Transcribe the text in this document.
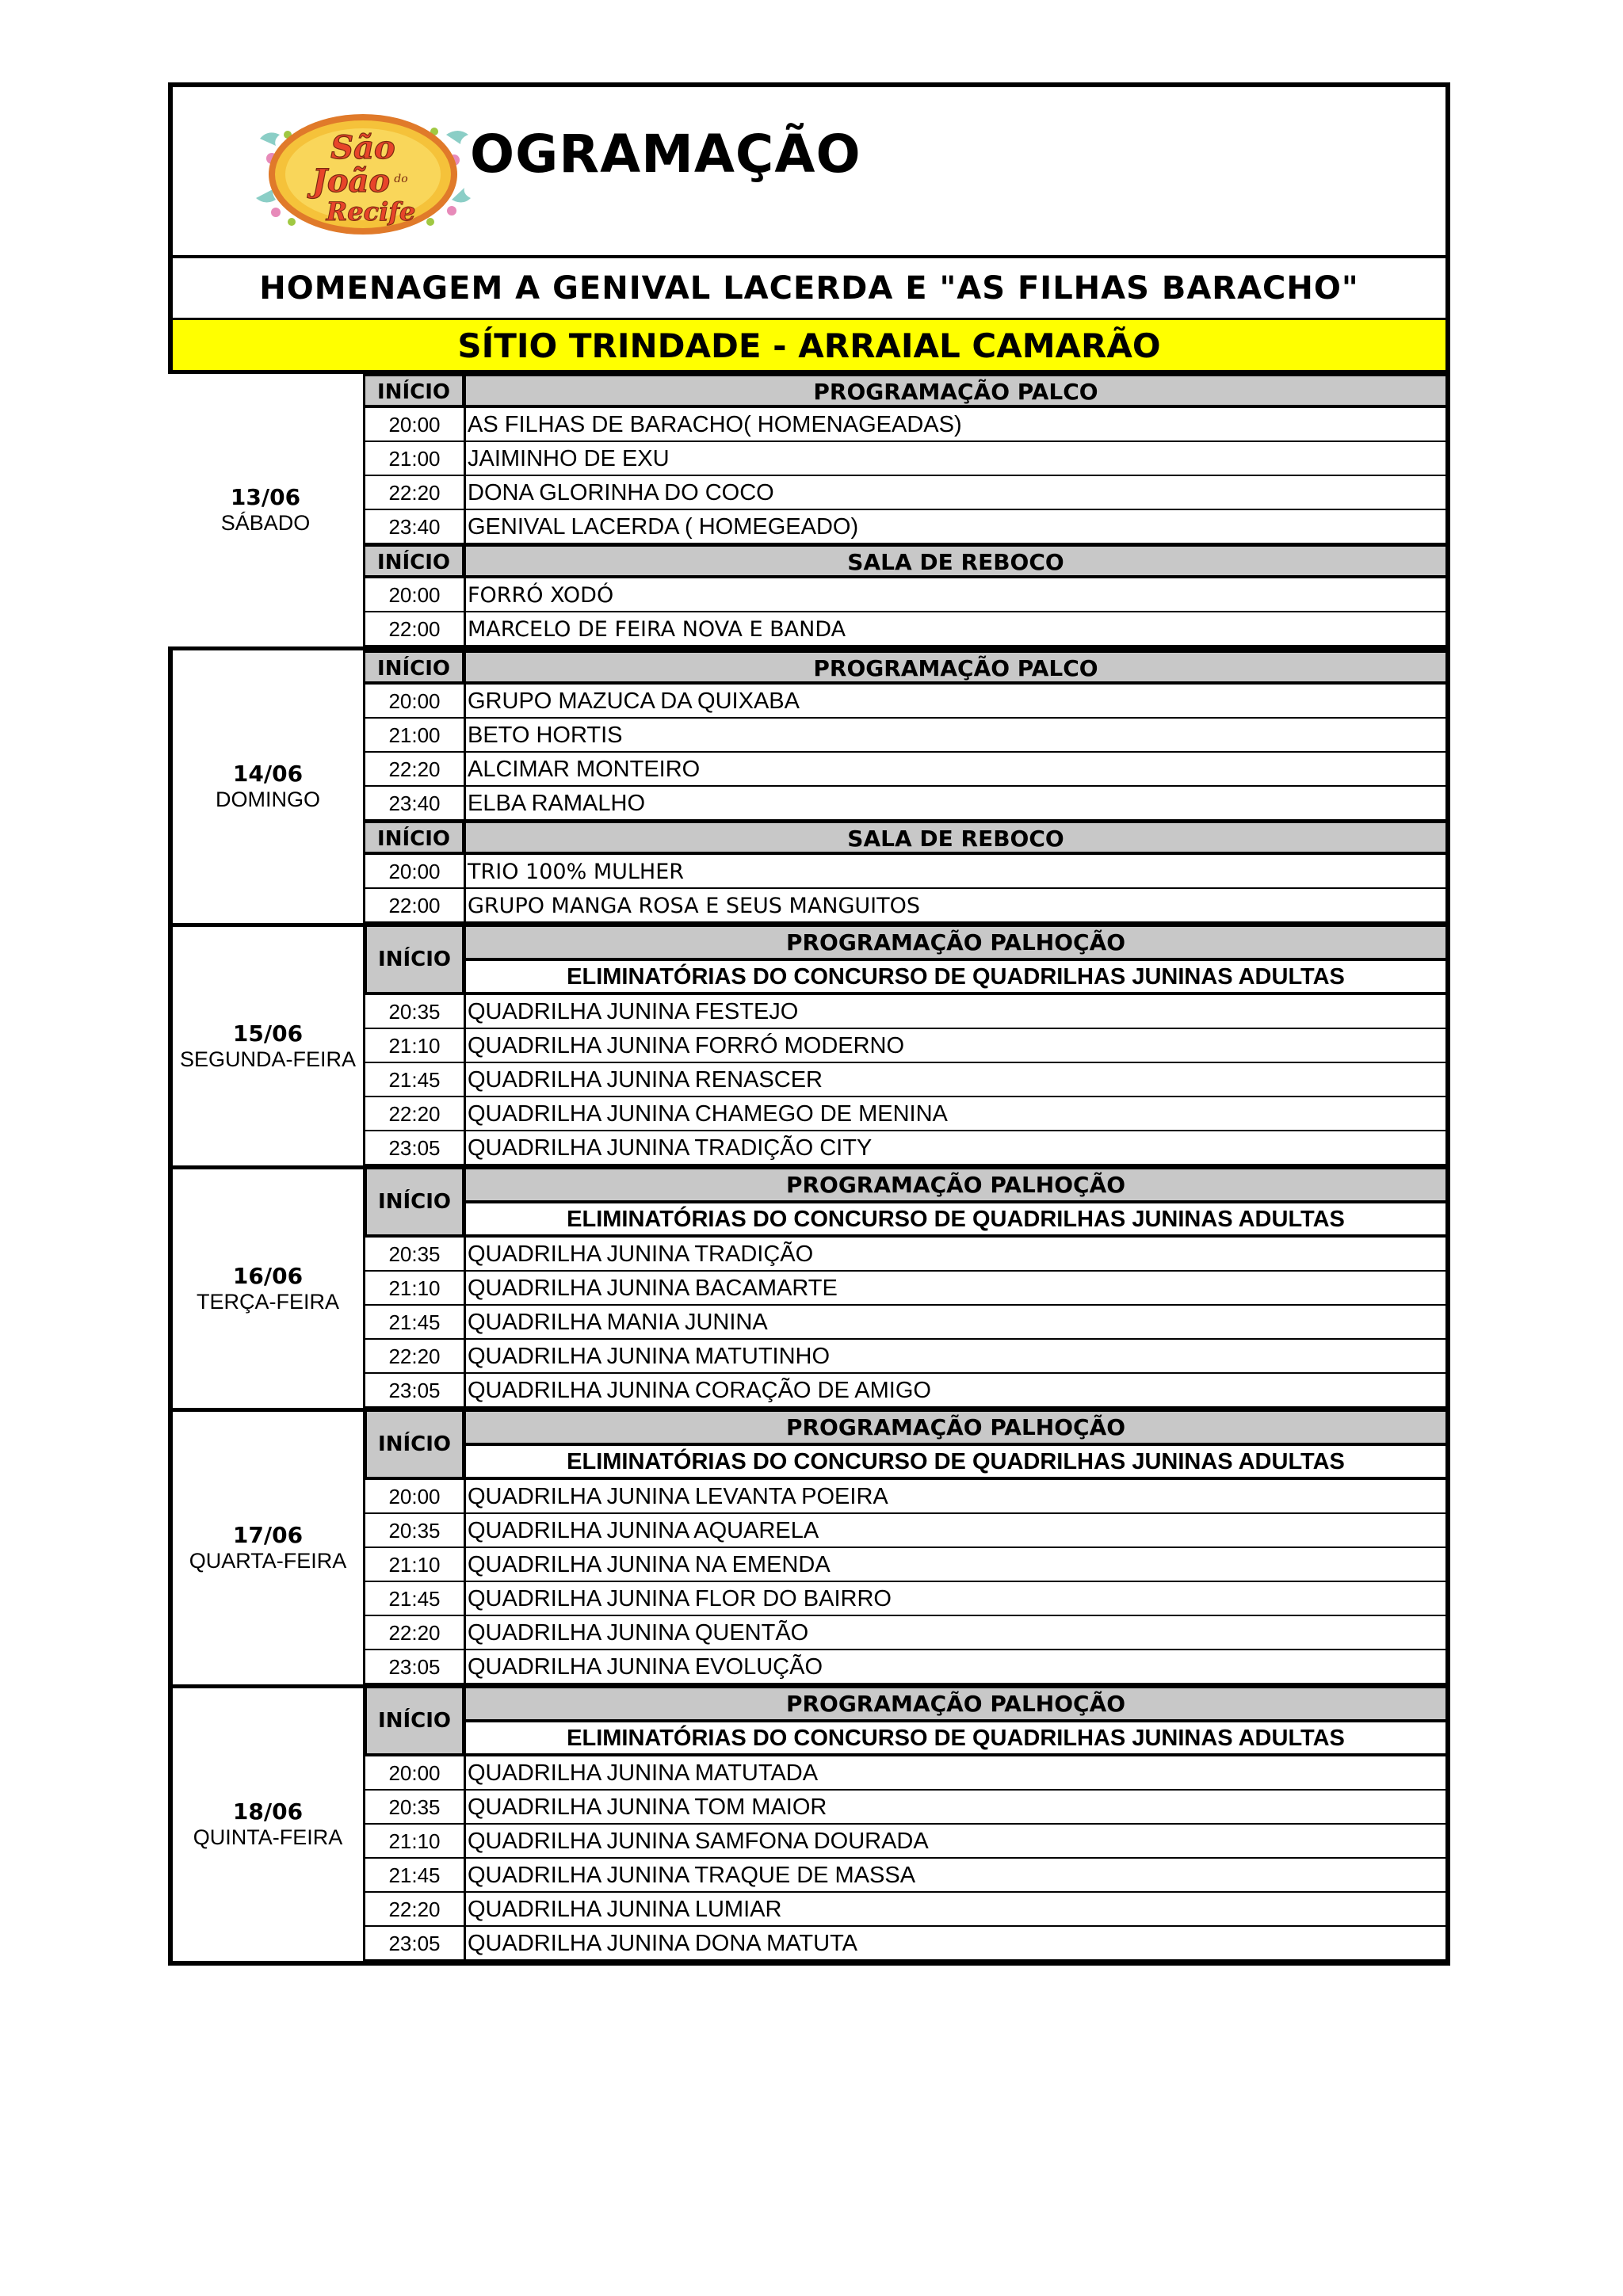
São
João do
Recife
OGRAMAÇÃO
HOMENAGEM A GENIVAL LACERDA E "AS FILHAS BARACHO"
SÍTIO TRINDADE - ARRAIAL CAMARÃO
13/06
SÁBADO
INÍCIO	PROGRAMAÇÃO PALCO
20:00	AS FILHAS DE BARACHO( HOMENAGEADAS)
21:00	JAIMINHO DE EXU
22:20	DONA GLORINHA DO COCO
23:40	GENIVAL LACERDA ( HOMEGEADO)
INÍCIO	SALA DE REBOCO
20:00	FORRÓ XODÓ
22:00	MARCELO DE FEIRA NOVA E BANDA
14/06
DOMINGO
INÍCIO	PROGRAMAÇÃO PALCO
20:00	GRUPO MAZUCA DA QUIXABA
21:00	BETO HORTIS
22:20	ALCIMAR MONTEIRO
23:40	ELBA RAMALHO
INÍCIO	SALA DE REBOCO
20:00	TRIO 100% MULHER
22:00	GRUPO MANGA ROSA E SEUS MANGUITOS
15/06
SEGUNDA-FEIRA
INÍCIO
PROGRAMAÇÃO PALHOÇÃO
ELIMINATÓRIAS DO CONCURSO DE QUADRILHAS JUNINAS ADULTAS
20:35	QUADRILHA JUNINA FESTEJO
21:10	QUADRILHA JUNINA FORRÓ MODERNO
21:45	QUADRILHA JUNINA RENASCER
22:20	QUADRILHA JUNINA CHAMEGO DE MENINA
23:05	QUADRILHA JUNINA TRADIÇÃO CITY
16/06
TERÇA-FEIRA
INÍCIO
PROGRAMAÇÃO PALHOÇÃO
ELIMINATÓRIAS DO CONCURSO DE QUADRILHAS JUNINAS ADULTAS
20:35	QUADRILHA JUNINA TRADIÇÃO
21:10	QUADRILHA JUNINA BACAMARTE
21:45	QUADRILHA MANIA JUNINA
22:20	QUADRILHA JUNINA MATUTINHO
23:05	QUADRILHA JUNINA CORAÇÃO DE AMIGO
17/06
QUARTA-FEIRA
INÍCIO
PROGRAMAÇÃO PALHOÇÃO
ELIMINATÓRIAS DO CONCURSO DE QUADRILHAS JUNINAS ADULTAS
20:00	QUADRILHA JUNINA LEVANTA POEIRA
20:35	QUADRILHA JUNINA AQUARELA
21:10	QUADRILHA JUNINA NA EMENDA
21:45	QUADRILHA JUNINA FLOR DO BAIRRO
22:20	QUADRILHA JUNINA QUENTÃO
23:05	QUADRILHA JUNINA EVOLUÇÃO
18/06
QUINTA-FEIRA
INÍCIO
PROGRAMAÇÃO PALHOÇÃO
ELIMINATÓRIAS DO CONCURSO DE QUADRILHAS JUNINAS ADULTAS
20:00	QUADRILHA JUNINA MATUTADA
20:35	QUADRILHA JUNINA TOM MAIOR
21:10	QUADRILHA JUNINA SAMFONA DOURADA
21:45	QUADRILHA JUNINA TRAQUE DE MASSA
22:20	QUADRILHA JUNINA LUMIAR
23:05	QUADRILHA JUNINA DONA MATUTA
